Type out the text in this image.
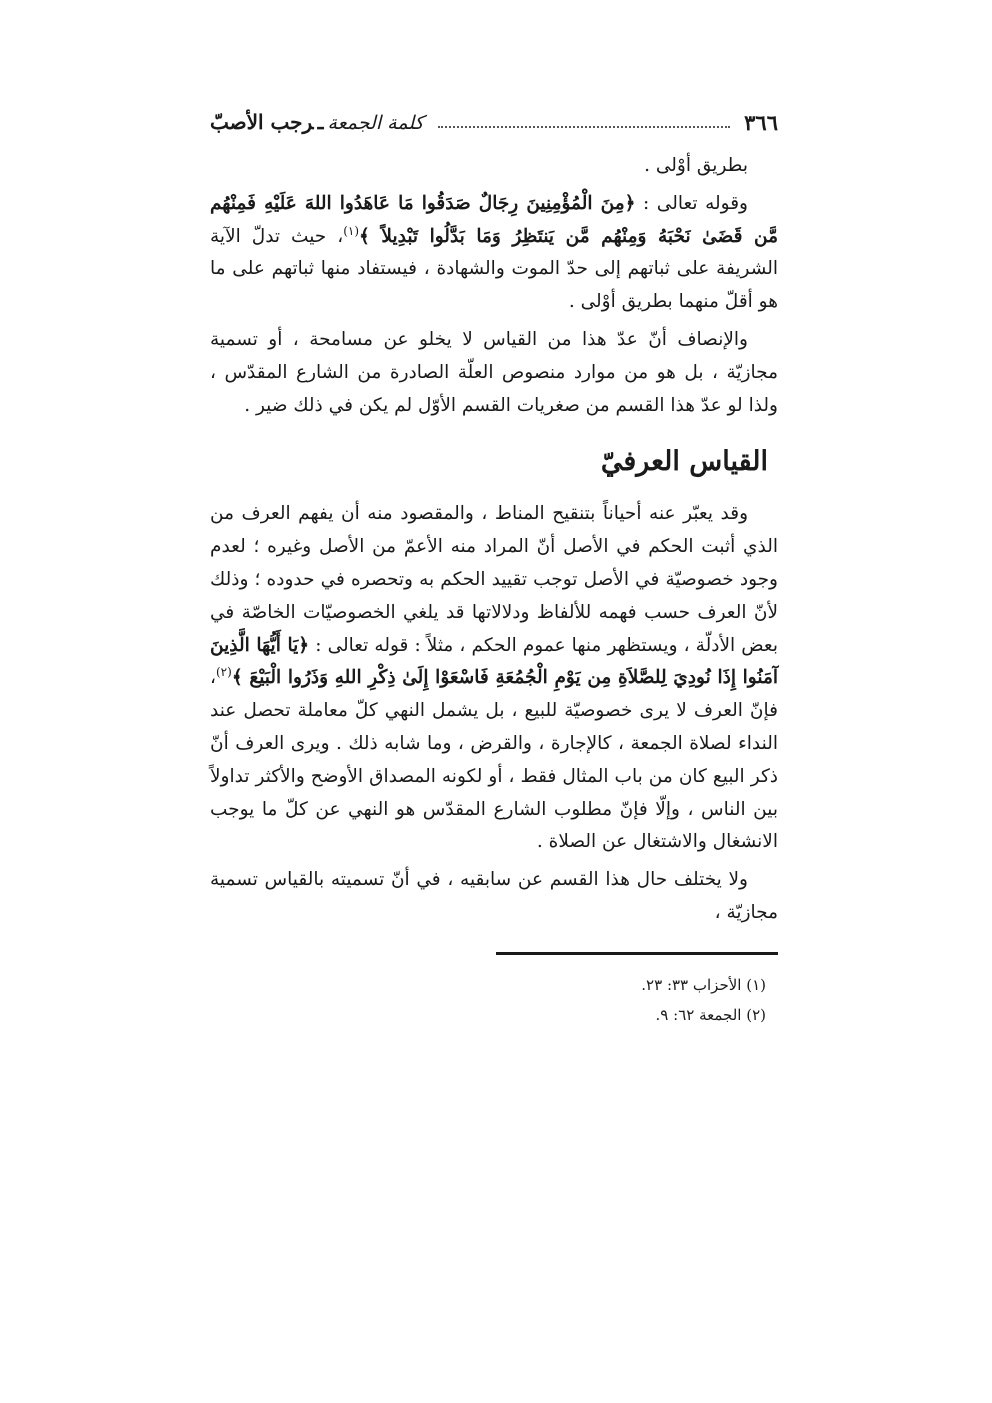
٣٦٦
كلمة الجمعةـرجب الأصبّ

بطريق أوْلى .

وقوله تعالى : ﴿مِنَ الْمُؤْمِنِينَ رِجَالٌ صَدَقُوا مَا عَاهَدُوا اللهَ عَلَيْهِ فَمِنْهُم مَّن قَضَىٰ نَحْبَهُ وَمِنْهُم مَّن يَنتَظِرُ وَمَا بَدَّلُوا تَبْدِيلاً ﴾$^{(١)}$، حيث تدلّ الآية الشريفة على ثباتهم إلى حدّ الموت والشهادة ، فيستفاد منها ثباتهم على ما هو أقلّ منهما بطريق أوْلى .

والإنصاف أنّ عدّ هذا من القياس لا يخلو عن مسامحة ، أو تسمية مجازيّة ، بل هو من موارد منصوص العلّة الصادرة من الشارع المقدّس ، ولذا لو عدّ هذا القسم من صغريات القسم الأوّل لم يكن في ذلك ضير .

القياس العرفيّ

وقد يعبّر عنه أحياناً بتنقيح المناط ، والمقصود منه أن يفهم العرف من الذي أثبت الحكم في الأصل أنّ المراد منه الأعمّ من الأصل وغيره ؛ لعدم وجود خصوصيّة في الأصل توجب تقييد الحكم به وتحصره في حدوده ؛ وذلك لأنّ العرف حسب فهمه للألفاظ ودلالاتها قد يلغي الخصوصيّات الخاصّة في بعض الأدلّة ، ويستظهر منها عموم الحكم ، مثلاً : قوله تعالى : ﴿يَا أَيُّهَا الَّذِينَ آمَنُوا إِذَا نُودِيَ لِلصَّلاَةِ مِن يَوْمِ الْجُمُعَةِ فَاسْعَوْا إِلَىٰ ذِكْرِ اللهِ وَذَرُوا الْبَيْعَ ﴾$^{(٢)}$، فإنّ العرف لا يرى خصوصيّة للبيع ، بل يشمل النهي كلّ معاملة تحصل عند النداء لصلاة الجمعة ، كالإجارة ، والقرض ، وما شابه ذلك . ويرى العرف أنّ ذكر البيع كان من باب المثال فقط ، أو لكونه المصداق الأوضح والأكثر تداولاً بين الناس ، وإلّا فإنّ مطلوب الشارع المقدّس هو النهي عن كلّ ما يوجب الانشغال والاشتغال عن الصلاة .

ولا يختلف حال هذا القسم عن سابقيه ، في أنّ تسميته بالقياس تسمية مجازيّة ،

(١) الأحزاب ٣٣: ٢٣.
(٢) الجمعة ٦٢: ٩.
